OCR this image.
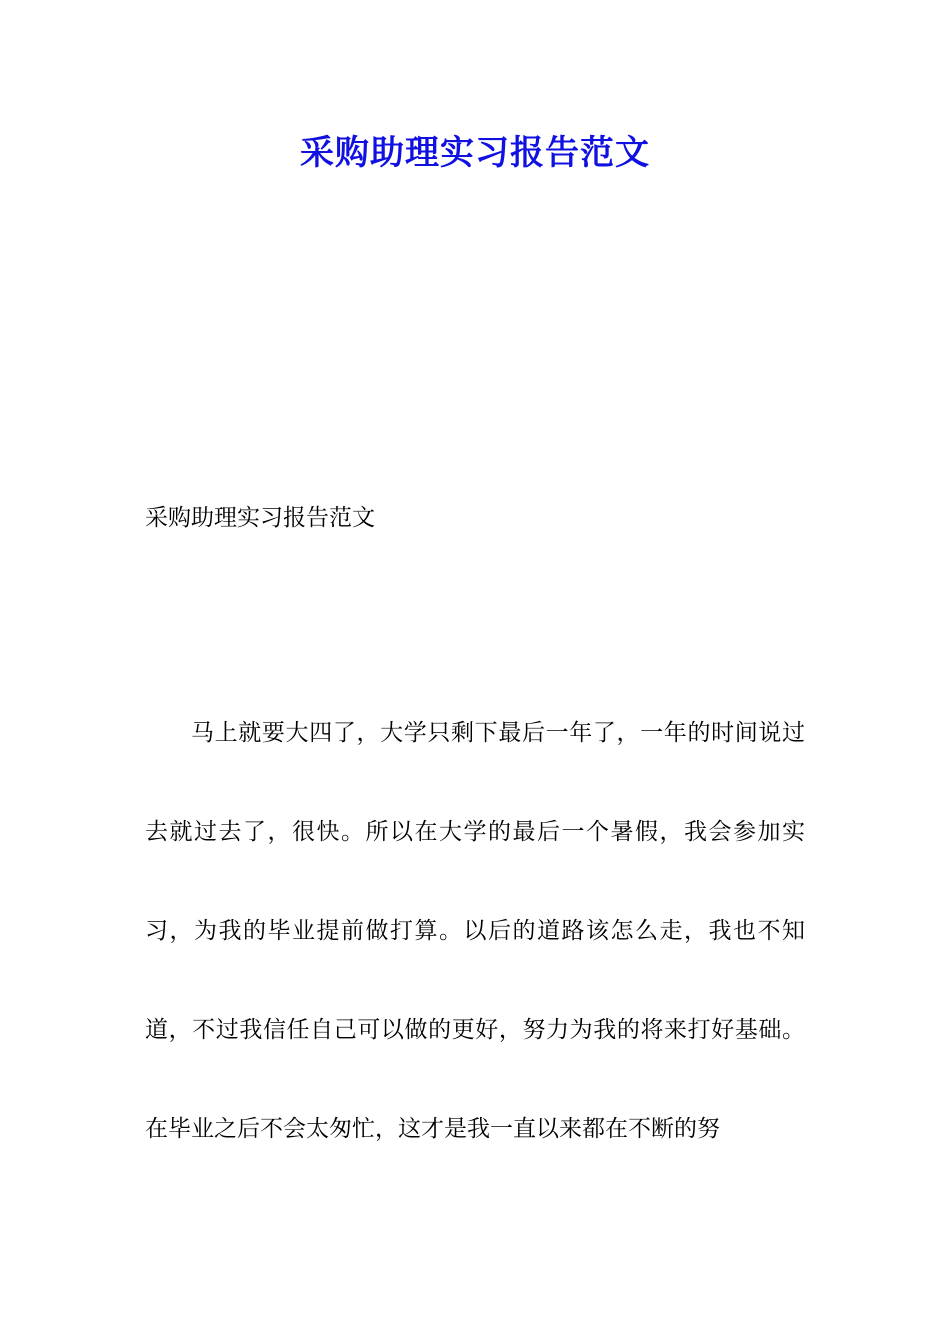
采购助理实习报告范文
采购助理实习报告范文

马上就要大四了，大学只剩下最后一年了，一年的时间说过去就过去了，很快。所以在大学的最后一个暑假，我会参加实习，为我的毕业提前做打算。以后的道路该怎么走，我也不知道，不过我信任自己可以做的更好，努力为我的将来打好基础。在毕业之后不会太匆忙，这才是我一直以来都在不断的努
